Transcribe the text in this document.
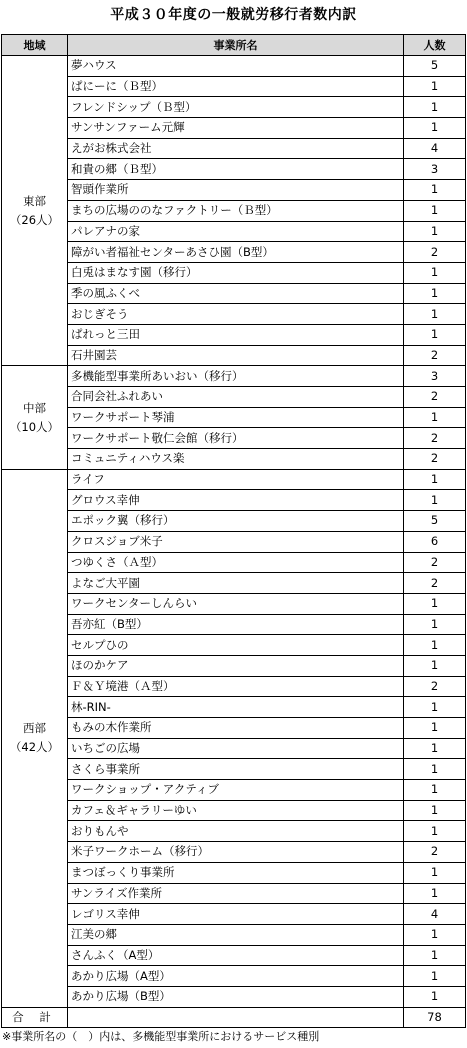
平成３０年度の一般就労移行者数内訳
地域	事業所名	人数

東部
（26人）	夢ハウス	5
	ぱにーに（Ｂ型）	1
	フレンドシップ（Ｂ型）	1
	サンサンファーム元輝	1
	えがお株式会社	4
	和貴の郷（Ｂ型）	3
	智頭作業所	1
	まちの広場ののなファクトリー（Ｂ型）	1
	パレアナの家	1
	障がい者福祉センターあさひ園（B型）	2
	白兎はまなす園（移行）	1
	季の風ふくべ	1
	おじぎそう	1
	ぱれっと三田	1
	石井園芸	2

中部
（10人）	多機能型事業所あいおい（移行）	3
	合同会社ふれあい	2
	ワークサポート琴浦	1
	ワークサポート敬仁会館（移行）	2
	コミュニティハウス楽	2

西部
（42人）	ライフ	1
	グロウス幸伸	1
	エポック翼（移行）	5
	クロスジョブ米子	6
	つゆくさ（Ａ型）	2
	よなご大平園	2
	ワークセンターしんらい	1
	吾亦紅（B型）	1
	セルプひの	1
	ほのかケア	1
	Ｆ＆Ｙ境港（Ａ型）	2
	林-RIN-	1
	もみの木作業所	1
	いちごの広場	1
	さくら事業所	1
	ワークショップ・アクティブ	1
	カフェ＆ギャラリーゆい	1
	おりもんや	1
	米子ワークホーム（移行）	2
	まつぼっくり事業所	1
	サンライズ作業所	1
	レゴリス幸伸	4
	江美の郷	1
	さんふく（A型）	1
	あかり広場（A型）	1
	あかり広場（B型）	1
合 計		78
※事業所名の（　）内は、多機能型事業所におけるサービス種別
